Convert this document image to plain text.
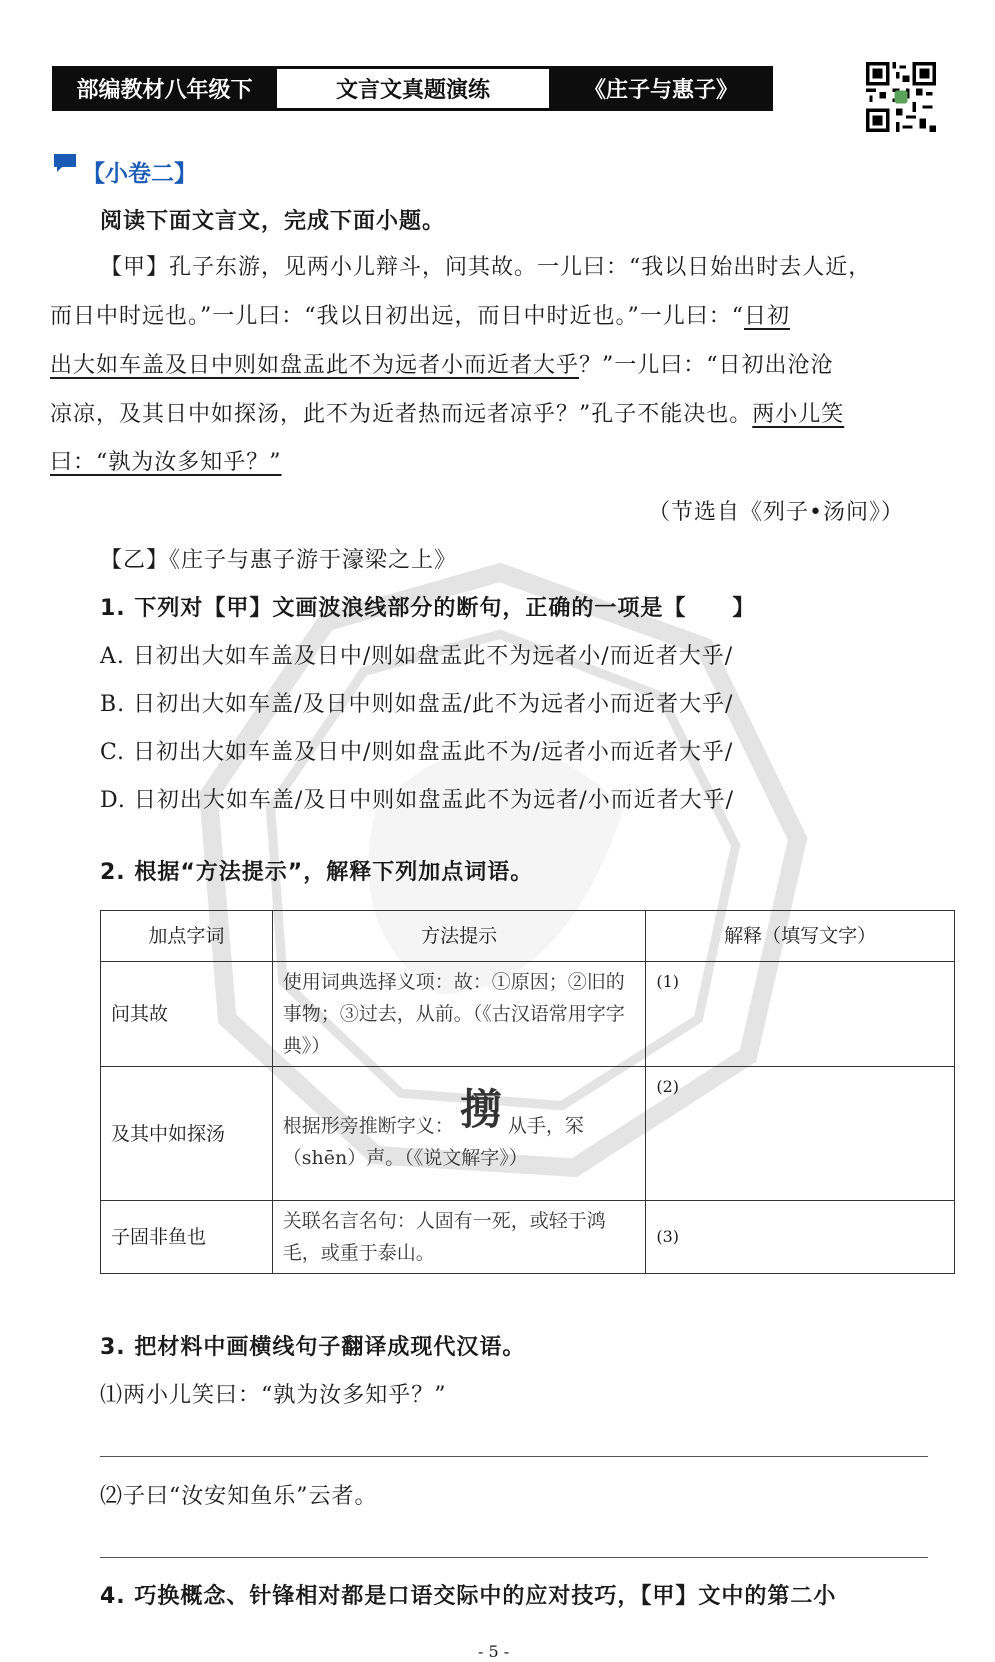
部编教材八年级下	文言文真题演练	《庄子与惠子》
【小卷二】
阅读下面文言文，完成下面小题。
【甲】孔子东游，见两小儿辩斗，问其故。一儿曰：“我以日始出时去人近，
而日中时远也。”一儿曰：“我以日初出远，而日中时近也。”一儿曰：“日初
出大如车盖及日中则如盘盂此不为远者小而近者大乎？”一儿曰：“日初出沧沧
凉凉，及其日中如探汤，此不为近者热而远者凉乎？”孔子不能决也。两小儿笑
曰：“孰为汝多知乎？”
（节选自《列子•汤问》）
【乙】《庄子与惠子游于濠梁之上》
1. 下列对【甲】文画波浪线部分的断句，正确的一项是【　　】
A. 日初出大如车盖及日中/则如盘盂此不为远者小/而近者大乎/
B. 日初出大如车盖/及日中则如盘盂/此不为远者小而近者大乎/
C. 日初出大如车盖及日中/则如盘盂此不为/远者小而近者大乎/
D. 日初出大如车盖/及日中则如盘盂此不为远者/小而近者大乎/
2. 根据“方法提示”，解释下列加点词语。
加点字词	方法提示	解释（填写文字）
问其故	使用词典选择义项：故：①原因；②旧的事物；③过去，从前。（《古汉语常用字字典》）	(1)
及其中如探汤	根据形旁推断字义： 㨵 从手，罙（shēn）声。（《说文解字》）	(2)
子固非鱼也	关联名言名句：人固有一死，或轻于鸿毛，或重于泰山。	(3)
3. 把材料中画横线句子翻译成现代汉语。
⑴两小儿笑曰：“孰为汝多知乎？”
⑵子曰“汝安知鱼乐”云者。
4. 巧换概念、针锋相对都是口语交际中的应对技巧，【甲】文中的第二小
- 5 -
